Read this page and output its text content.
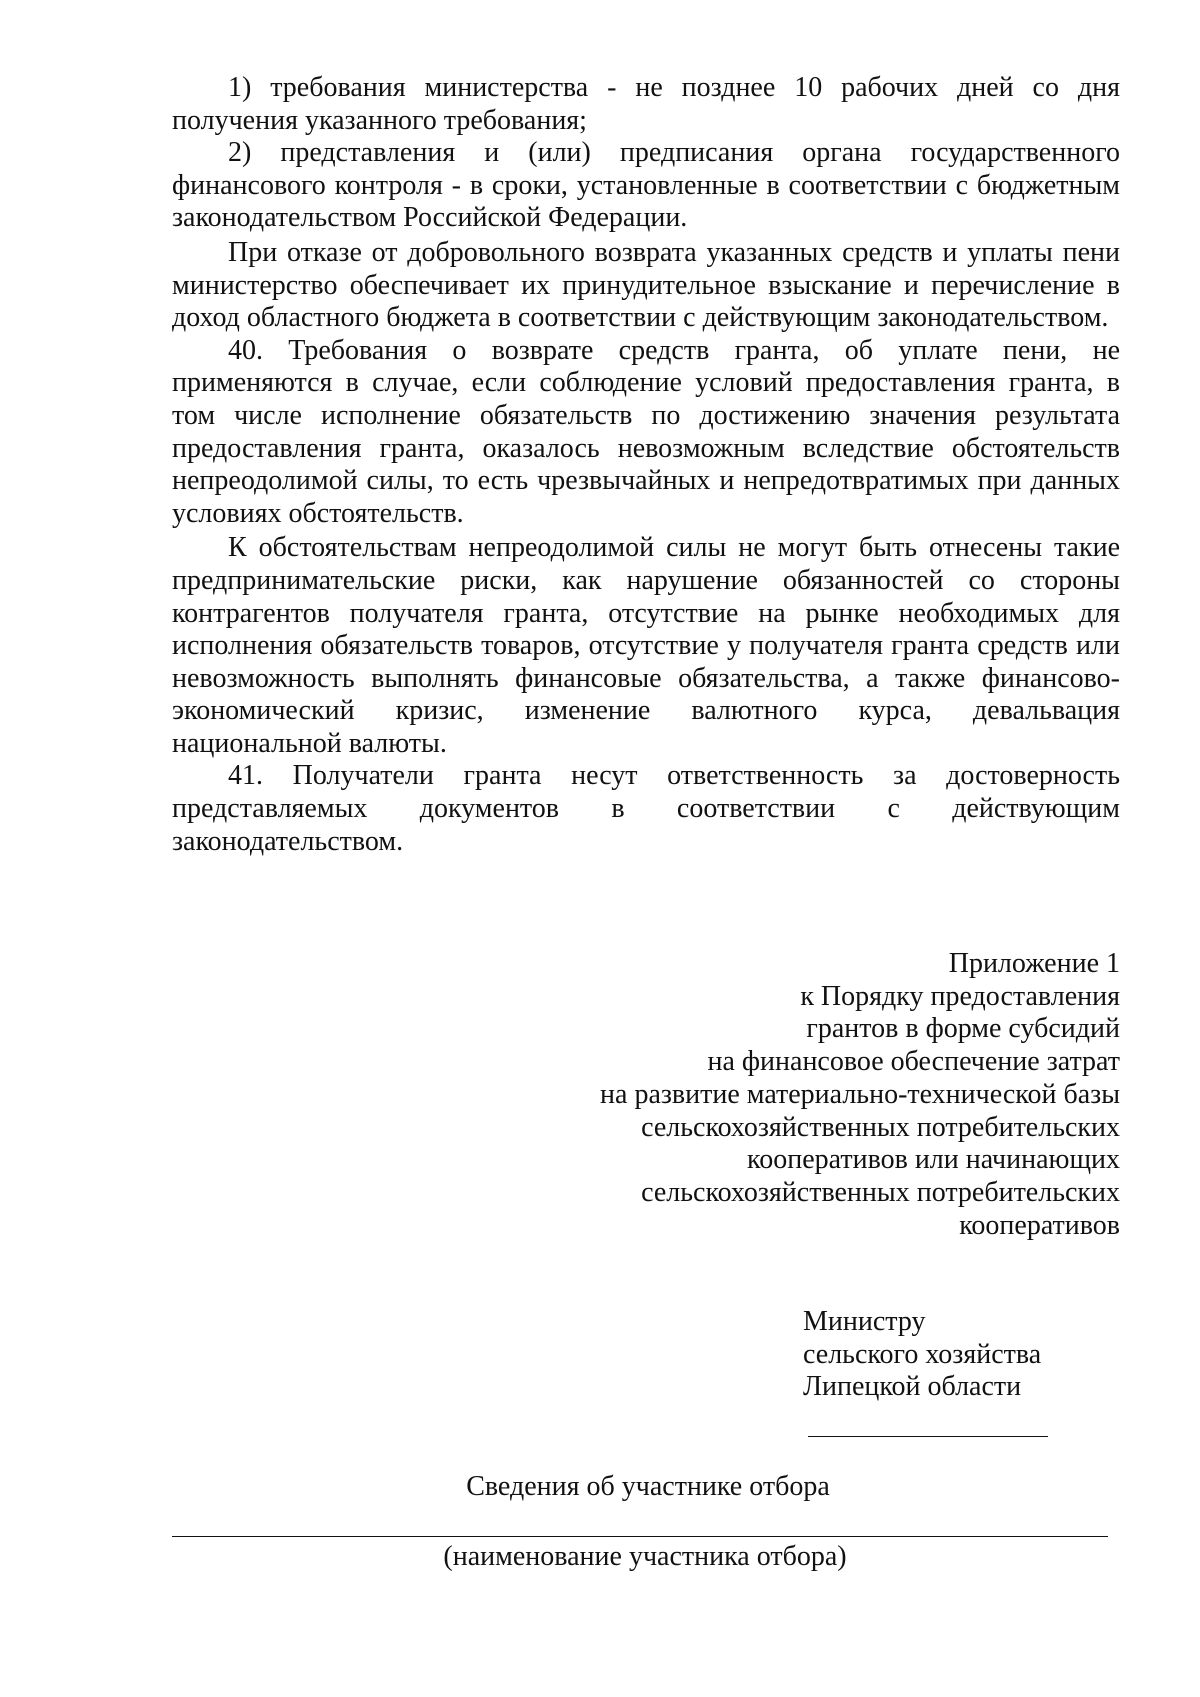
1) требования министерства - не позднее 10 рабочих дней со дня получения указанного требования;

2) представления и (или) предписания органа государственного финансового контроля - в сроки, установленные в соответствии с бюджетным законодательством Российской Федерации.

При отказе от добровольного возврата указанных средств и уплаты пени министерство обеспечивает их принудительное взыскание и перечисление в доход областного бюджета в соответствии с действующим законодательством.

40. Требования о возврате средств гранта, об уплате пени, не применяются в случае, если соблюдение условий предоставления гранта, в том числе исполнение обязательств по достижению значения результата предоставления гранта, оказалось невозможным вследствие обстоятельств непреодолимой силы, то есть чрезвычайных и непредотвратимых при данных условиях обстоятельств.

К обстоятельствам непреодолимой силы не могут быть отнесены такие предпринимательские риски, как нарушение обязанностей со стороны контрагентов получателя гранта, отсутствие на рынке необходимых для исполнения обязательств товаров, отсутствие у получателя гранта средств или невозможность выполнять финансовые обязательства, а также финансово-экономический кризис, изменение валютного курса, девальвация национальной валюты.

41. Получатели гранта несут ответственность за достоверность представляемых документов в соответствии с действующим законодательством.

Приложение 1
к Порядку предоставления
грантов в форме субсидий
на финансовое обеспечение затрат
на развитие материально-технической базы
сельскохозяйственных потребительских
кооперативов или начинающих
сельскохозяйственных потребительских
кооперативов
Министру
сельского хозяйства
Липецкой области
Сведения об участнике отбора
(наименование участника отбора)
